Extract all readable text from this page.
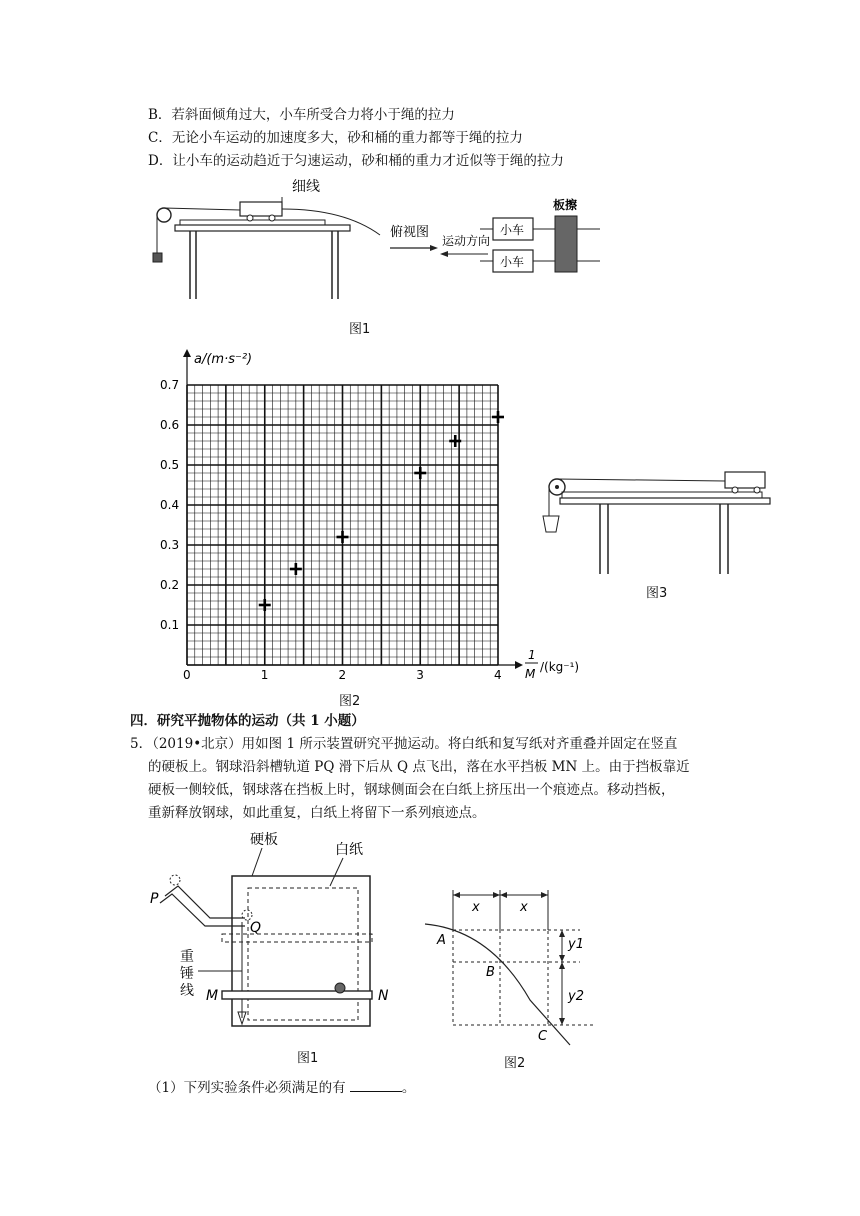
B．若斜面倾角过大，小车所受合力将小于绳的拉力
C．无论小车运动的加速度多大，砂和桶的重力都等于绳的拉力
D．让小车的运动趋近于匀速运动，砂和桶的重力才近似等于绳的拉力
细线
俯视图	小车
小车
板擦
运动方向
图1
a/(m·s⁻²)
1
M /(kg⁻¹)
0.1
0.2
0.3
0.4
0.5
0.6
0.7
0	1	2	3	4
图2
图3
四．研究平抛物体的运动（共 1 小题）
5．（2019•北京）用如图 1 所示装置研究平抛运动。将白纸和复写纸对齐重叠并固定在竖直
的硬板上。钢球沿斜槽轨道 PQ 滑下后从 Q 点飞出，落在水平挡板 MN 上。由于挡板靠近
硬板一侧较低，钢球落在挡板上时，钢球侧面会在白纸上挤压出一个痕迹点。移动挡板，
重新释放钢球，如此重复，白纸上将留下一系列痕迹点。
硬板
白纸
P
Q
重
锤
线 M	N
图1
x	x
y1
y2
A
B
C
图2
（1）下列实验条件必须满足的有	。
